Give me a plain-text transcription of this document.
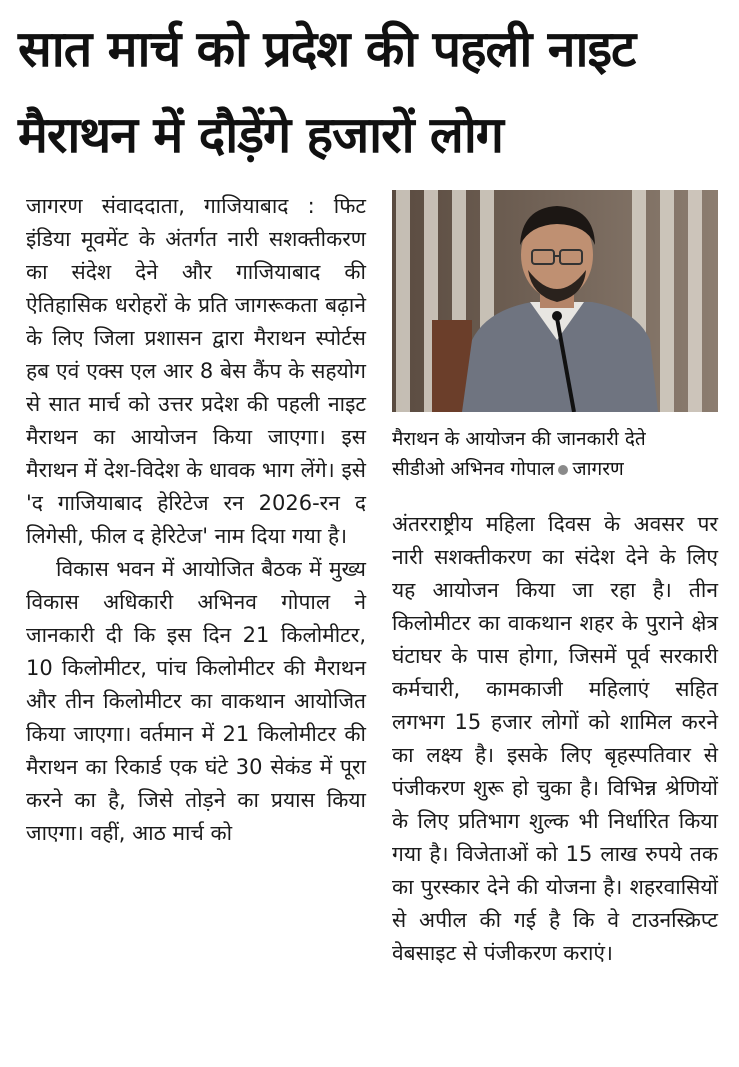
सात मार्च को प्रदेश की पहली नाइट
मैराथन में दौड़ेंगे हजारों लोग

जागरण संवाददाता, गाजियाबाद : फिट इंडिया मूवमेंट के अंतर्गत नारी सशक्तीकरण का संदेश देने और गाजियाबाद की ऐतिहासिक धरोहरों के प्रति जागरूकता बढ़ाने के लिए जिला प्रशासन द्वारा मैराथन स्पोर्टस हब एवं एक्स एल आर 8 बेस कैंप के सहयोग से सात मार्च को उत्तर प्रदेश की पहली नाइट मैराथन का आयोजन किया जाएगा। इस मैराथन में देश-विदेश के धावक भाग लेंगे। इसे 'द गाजियाबाद हेरिटेज रन 2026-रन द लिगेसी, फील द हेरिटेज' नाम दिया गया है।

विकास भवन में आयोजित बैठक में मुख्य विकास अधिकारी अभिनव गोपाल ने जानकारी दी कि इस दिन 21 किलोमीटर, 10 किलोमीटर, पांच किलोमीटर की मैराथन और तीन किलोमीटर का वाकथान आयोजित किया जाएगा। वर्तमान में 21 किलोमीटर की मैराथन का रिकार्ड एक घंटे 30 सेकंड में पूरा करने का है, जिसे तोड़ने का प्रयास किया जाएगा। वहीं, आठ मार्च को

मैराथन के आयोजन की जानकारी देते
सीडीओ अभिनव गोपाल जागरण

अंतरराष्ट्रीय महिला दिवस के अवसर पर नारी सशक्तीकरण का संदेश देने के लिए यह आयोजन किया जा रहा है। तीन किलोमीटर का वाकथान शहर के पुराने क्षेत्र घंटाघर के पास होगा, जिसमें पूर्व सरकारी कर्मचारी, कामकाजी महिलाएं सहित लगभग 15 हजार लोगों को शामिल करने का लक्ष्य है। इसके लिए बृहस्पतिवार से पंजीकरण शुरू हो चुका है। विभिन्न श्रेणियों के लिए प्रतिभाग शुल्क भी निर्धारित किया गया है। विजेताओं को 15 लाख रुपये तक का पुरस्कार देने की योजना है। शहरवासियों से अपील की गई है कि वे टाउनस्क्रिप्ट वेबसाइट से पंजीकरण कराएं।
